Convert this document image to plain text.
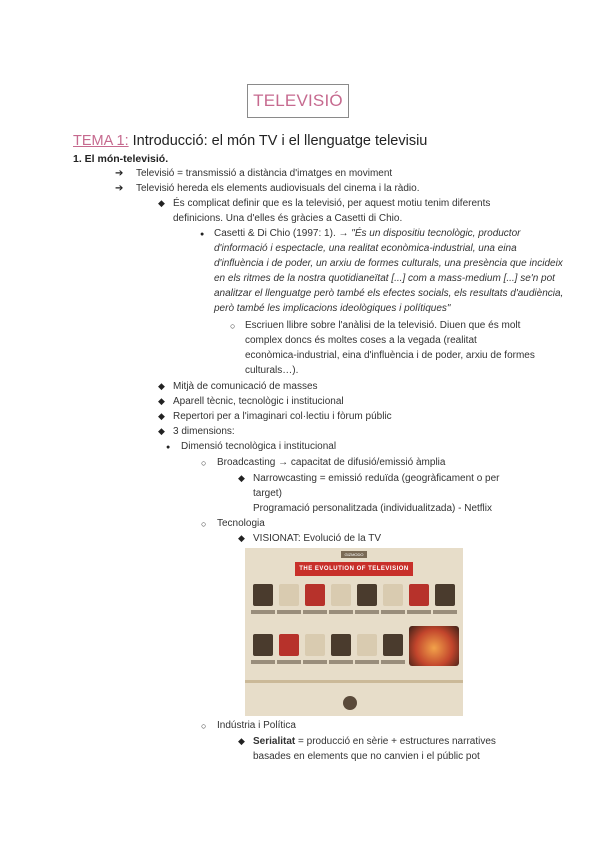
TELEVISIÓ
TEMA 1: Introducció: el món TV i el llenguatge televisiu
1. El món-televisió.
➔ Televisió = transmissió a distància d'imatges en moviment
➔ Televisió hereda els elements audiovisuals del cinema i la ràdio.
◆ És complicat definir que es la televisió, per aquest motiu tenim diferents
definicions. Una d'elles és gràcies a Casetti di Chio.
● Casetti & Di Chio (1997: 1). → "És un dispositiu tecnològic, productor
d'informació i espectacle, una realitat econòmica-industrial, una eina
d'influència i de poder, un arxiu de formes culturals, una presència que incideix
en els ritmes de la nostra quotidianeïtat [...] com a mass-medium [...] se'n pot
analitzar el llenguatge però també els efectes socials, els resultats d'audiència,
però també les implicacions ideològiques i polítiques"
○ Escriuen llibre sobre l'anàlisi de la televisió. Diuen que és molt
complex doncs és moltes coses a la vegada (realitat
econòmica-industrial, eina d'influència i de poder, arxiu de formes
culturals…).
◆ Mitjà de comunicació de masses
◆ Aparell tècnic, tecnològic i institucional
◆ Repertori per a l'imaginari col·lectiu i fòrum públic
◆ 3 dimensions:
● Dimensió tecnològica i institucional
○ Broadcasting → capacitat de difusió/emissió àmplia
◆ Narrowcasting = emissió reduïda (geogràficament o per
target)
Programació personalitzada (individualitzada) - Netflix
○ Tecnologia
◆ VISIONAT: Evolució de la TV
GIZMODO
THE EVOLUTION OF TELEVISION
○ Indústria i Política
◆ Serialitat = producció en sèrie + estructures narratives
basades en elements que no canvien i el públic pot
